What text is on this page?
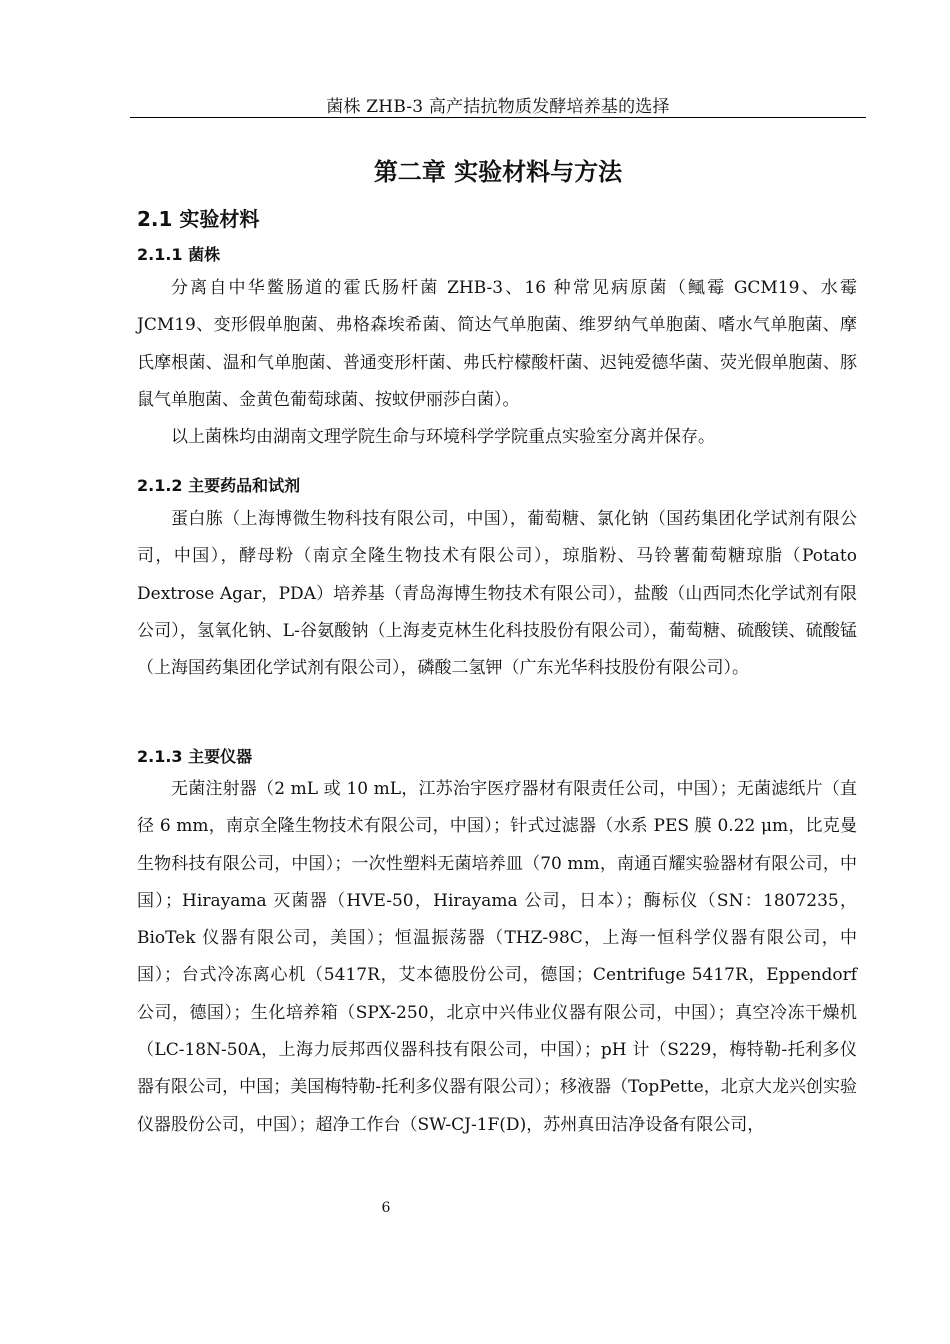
菌株 ZHB-3 高产拮抗物质发酵培养基的选择
第二章 实验材料与方法
2.1 实验材料
2.1.1 菌株

分离自中华鳖肠道的霍氏肠杆菌 ZHB-3、16 种常见病原菌（鲺霉 GCM19、水霉 JCM19、变形假单胞菌、弗格森埃希菌、简达气单胞菌、维罗纳气单胞菌、嗜水气单胞菌、摩氏摩根菌、温和气单胞菌、普通变形杆菌、弗氏柠檬酸杆菌、迟钝爱德华菌、荧光假单胞菌、豚鼠气单胞菌、金黄色葡萄球菌、按蚊伊丽莎白菌）。

以上菌株均由湖南文理学院生命与环境科学学院重点实验室分离并保存。

2.1.2 主要药品和试剂

蛋白胨（上海博微生物科技有限公司，中国），葡萄糖、氯化钠（国药集团化学试剂有限公司，中国），酵母粉（南京全隆生物技术有限公司），琼脂粉、马铃薯葡萄糖琼脂（Potato Dextrose Agar，PDA）培养基（青岛海博生物技术有限公司），盐酸（山西同杰化学试剂有限公司），氢氧化钠、L-谷氨酸钠（上海麦克林生化科技股份有限公司），葡萄糖、硫酸镁、硫酸锰（上海国药集团化学试剂有限公司），磷酸二氢钾（广东光华科技股份有限公司）。

2.1.3 主要仪器

无菌注射器（2 mL 或 10 mL，江苏治宇医疗器材有限责任公司，中国）；无菌滤纸片（直径 6 mm，南京全隆生物技术有限公司，中国）；针式过滤器（水系 PES 膜 0.22 μm，比克曼生物科技有限公司，中国）；一次性塑料无菌培养皿（70 mm，南通百耀实验器材有限公司，中国）；Hirayama 灭菌器（HVE-50，Hirayama 公司，日本）；酶标仪（SN：1807235，BioTek 仪器有限公司，美国）；恒温振荡器（THZ-98C，上海一恒科学仪器有限公司，中国）；台式冷冻离心机（5417R，艾本德股份公司，德国；Centrifuge 5417R，Eppendorf 公司，德国）；生化培养箱（SPX-250，北京中兴伟业仪器有限公司，中国）；真空冷冻干燥机（LC-18N-50A，上海力辰邦西仪器科技有限公司，中国）；pH 计（S229，梅特勒-托利多仪器有限公司，中国；美国梅特勒-托利多仪器有限公司）；移液器（TopPette，北京大龙兴创实验仪器股份公司，中国）；超净工作台（SW-CJ-1F(D)，苏州真田洁净设备有限公司，

6
